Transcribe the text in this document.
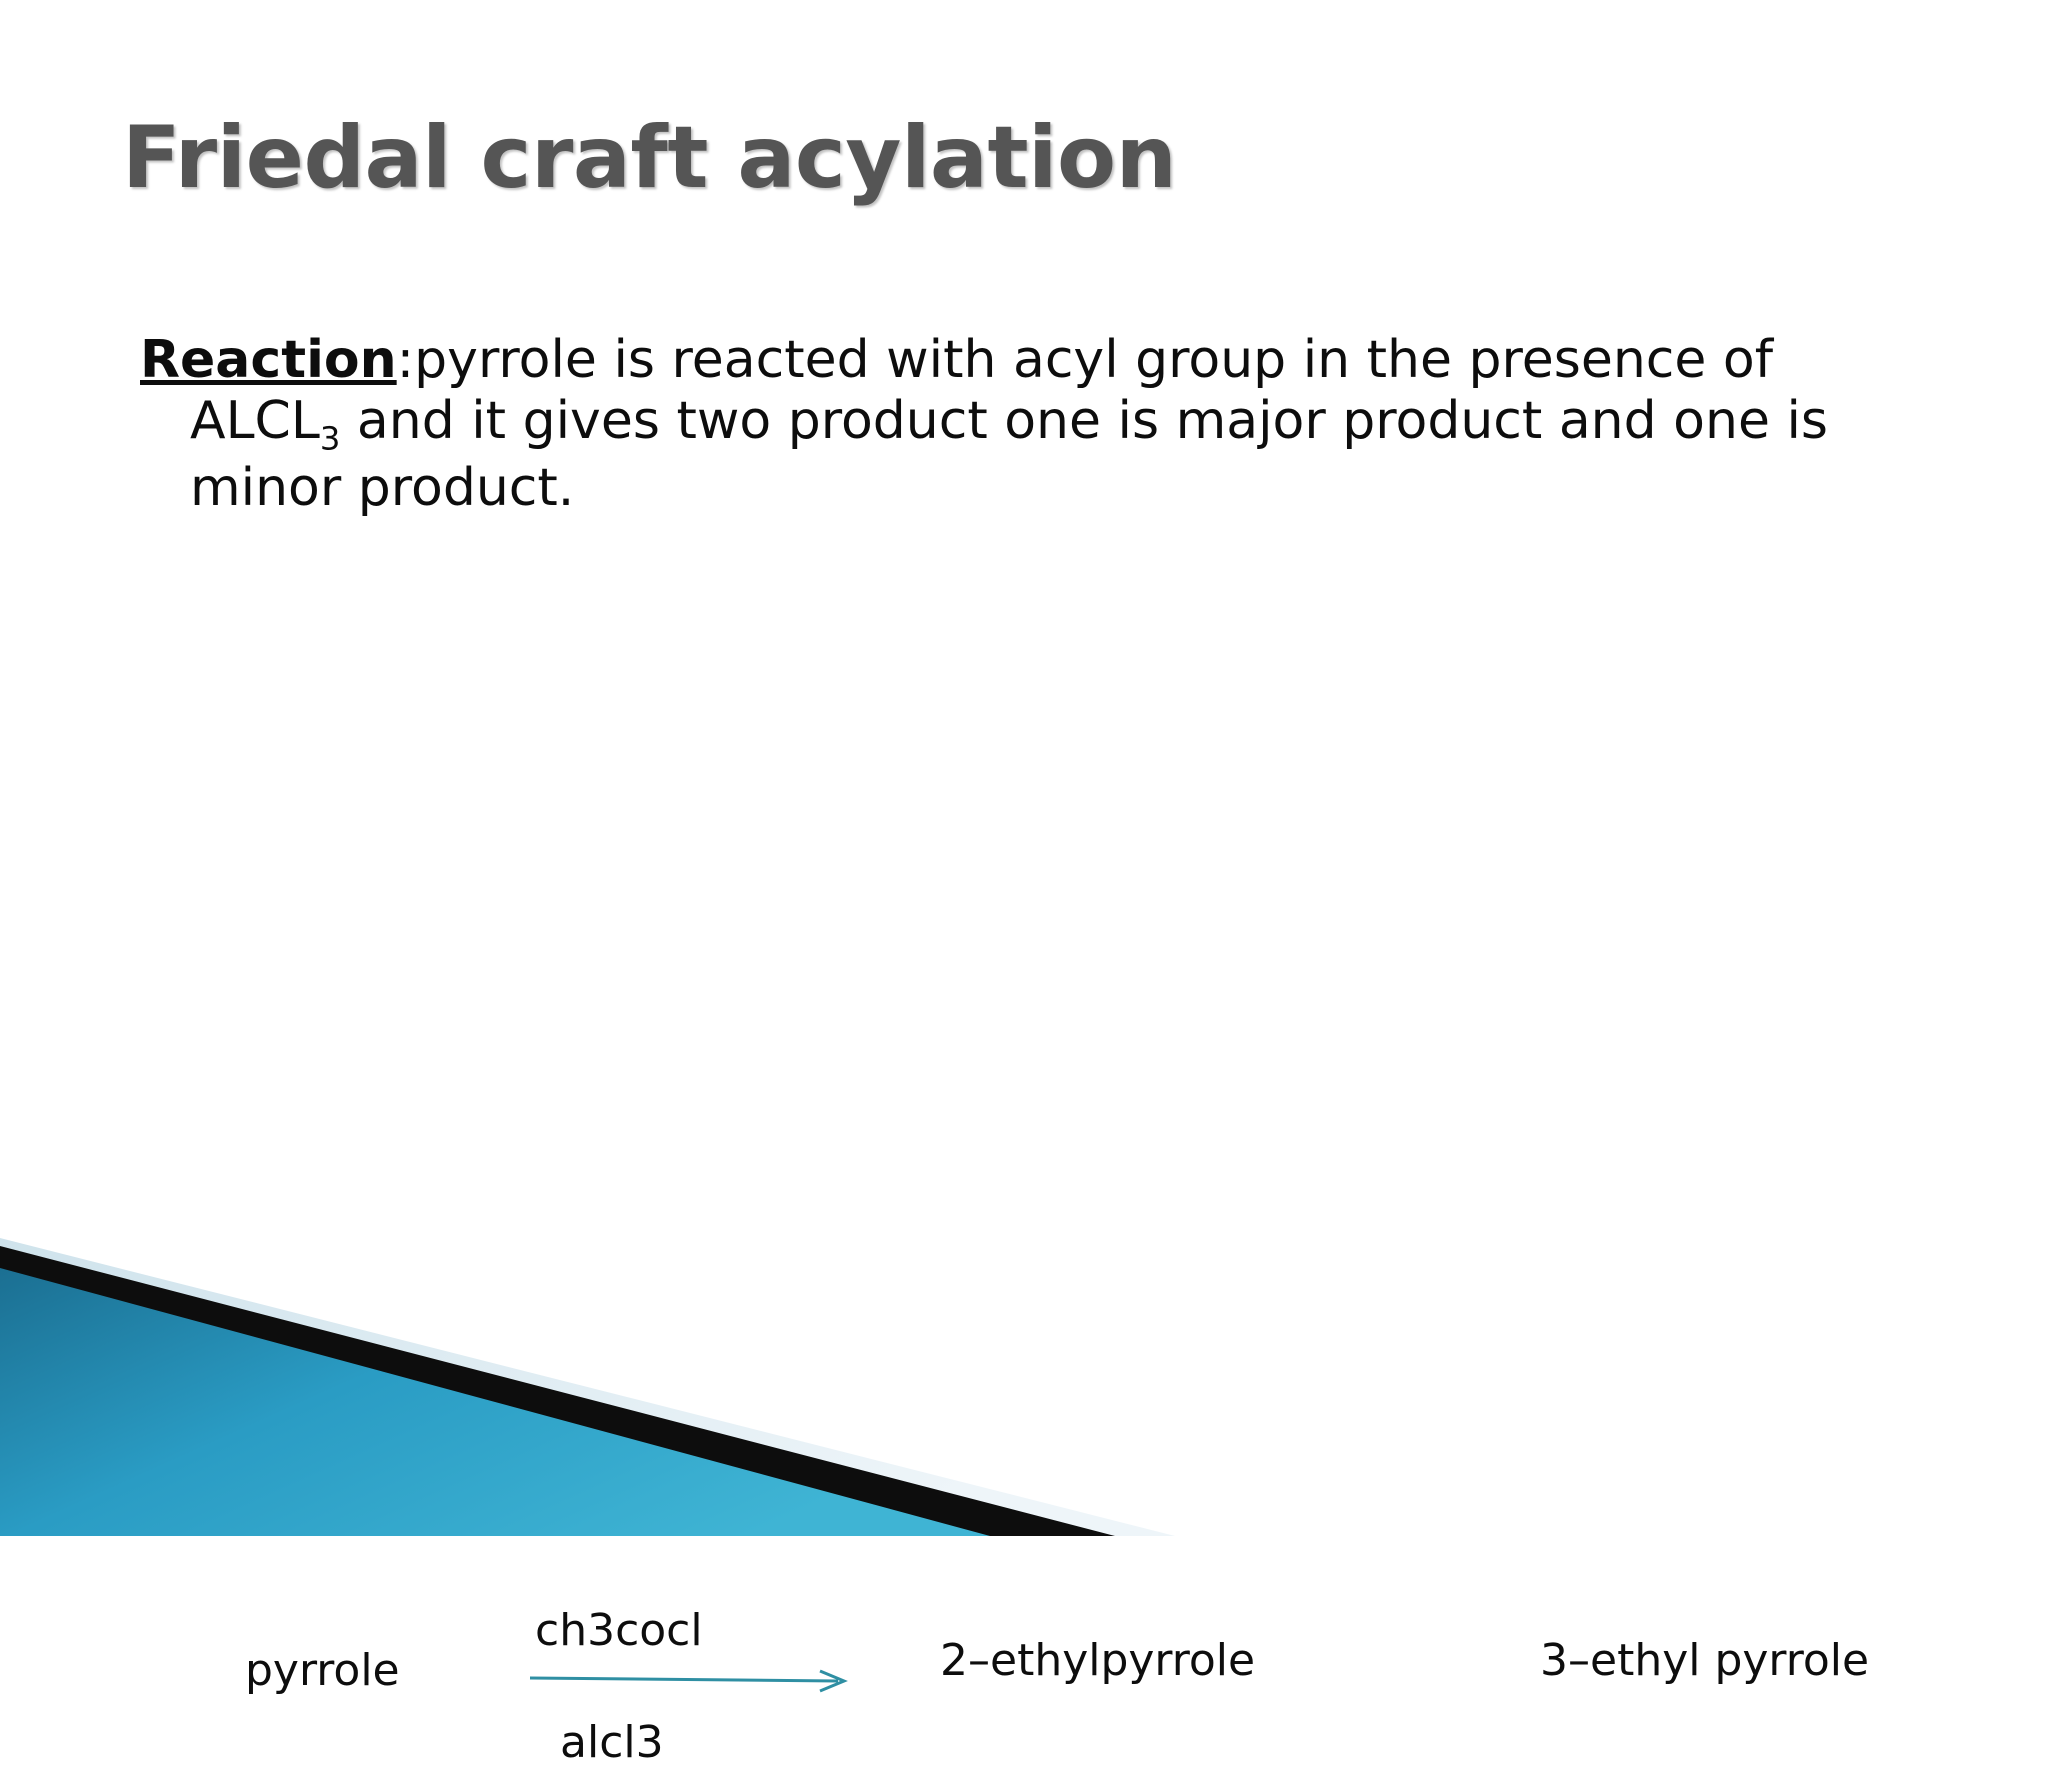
Friedal craft acylation
Reaction:pyrrole is reacted with acyl group in the presence of $ALCL_3$ and it gives two product one is major product and one is minor product.
pyrrole
ch3cocl
alcl3
2–ethylpyrrole	3–ethyl pyrrole
